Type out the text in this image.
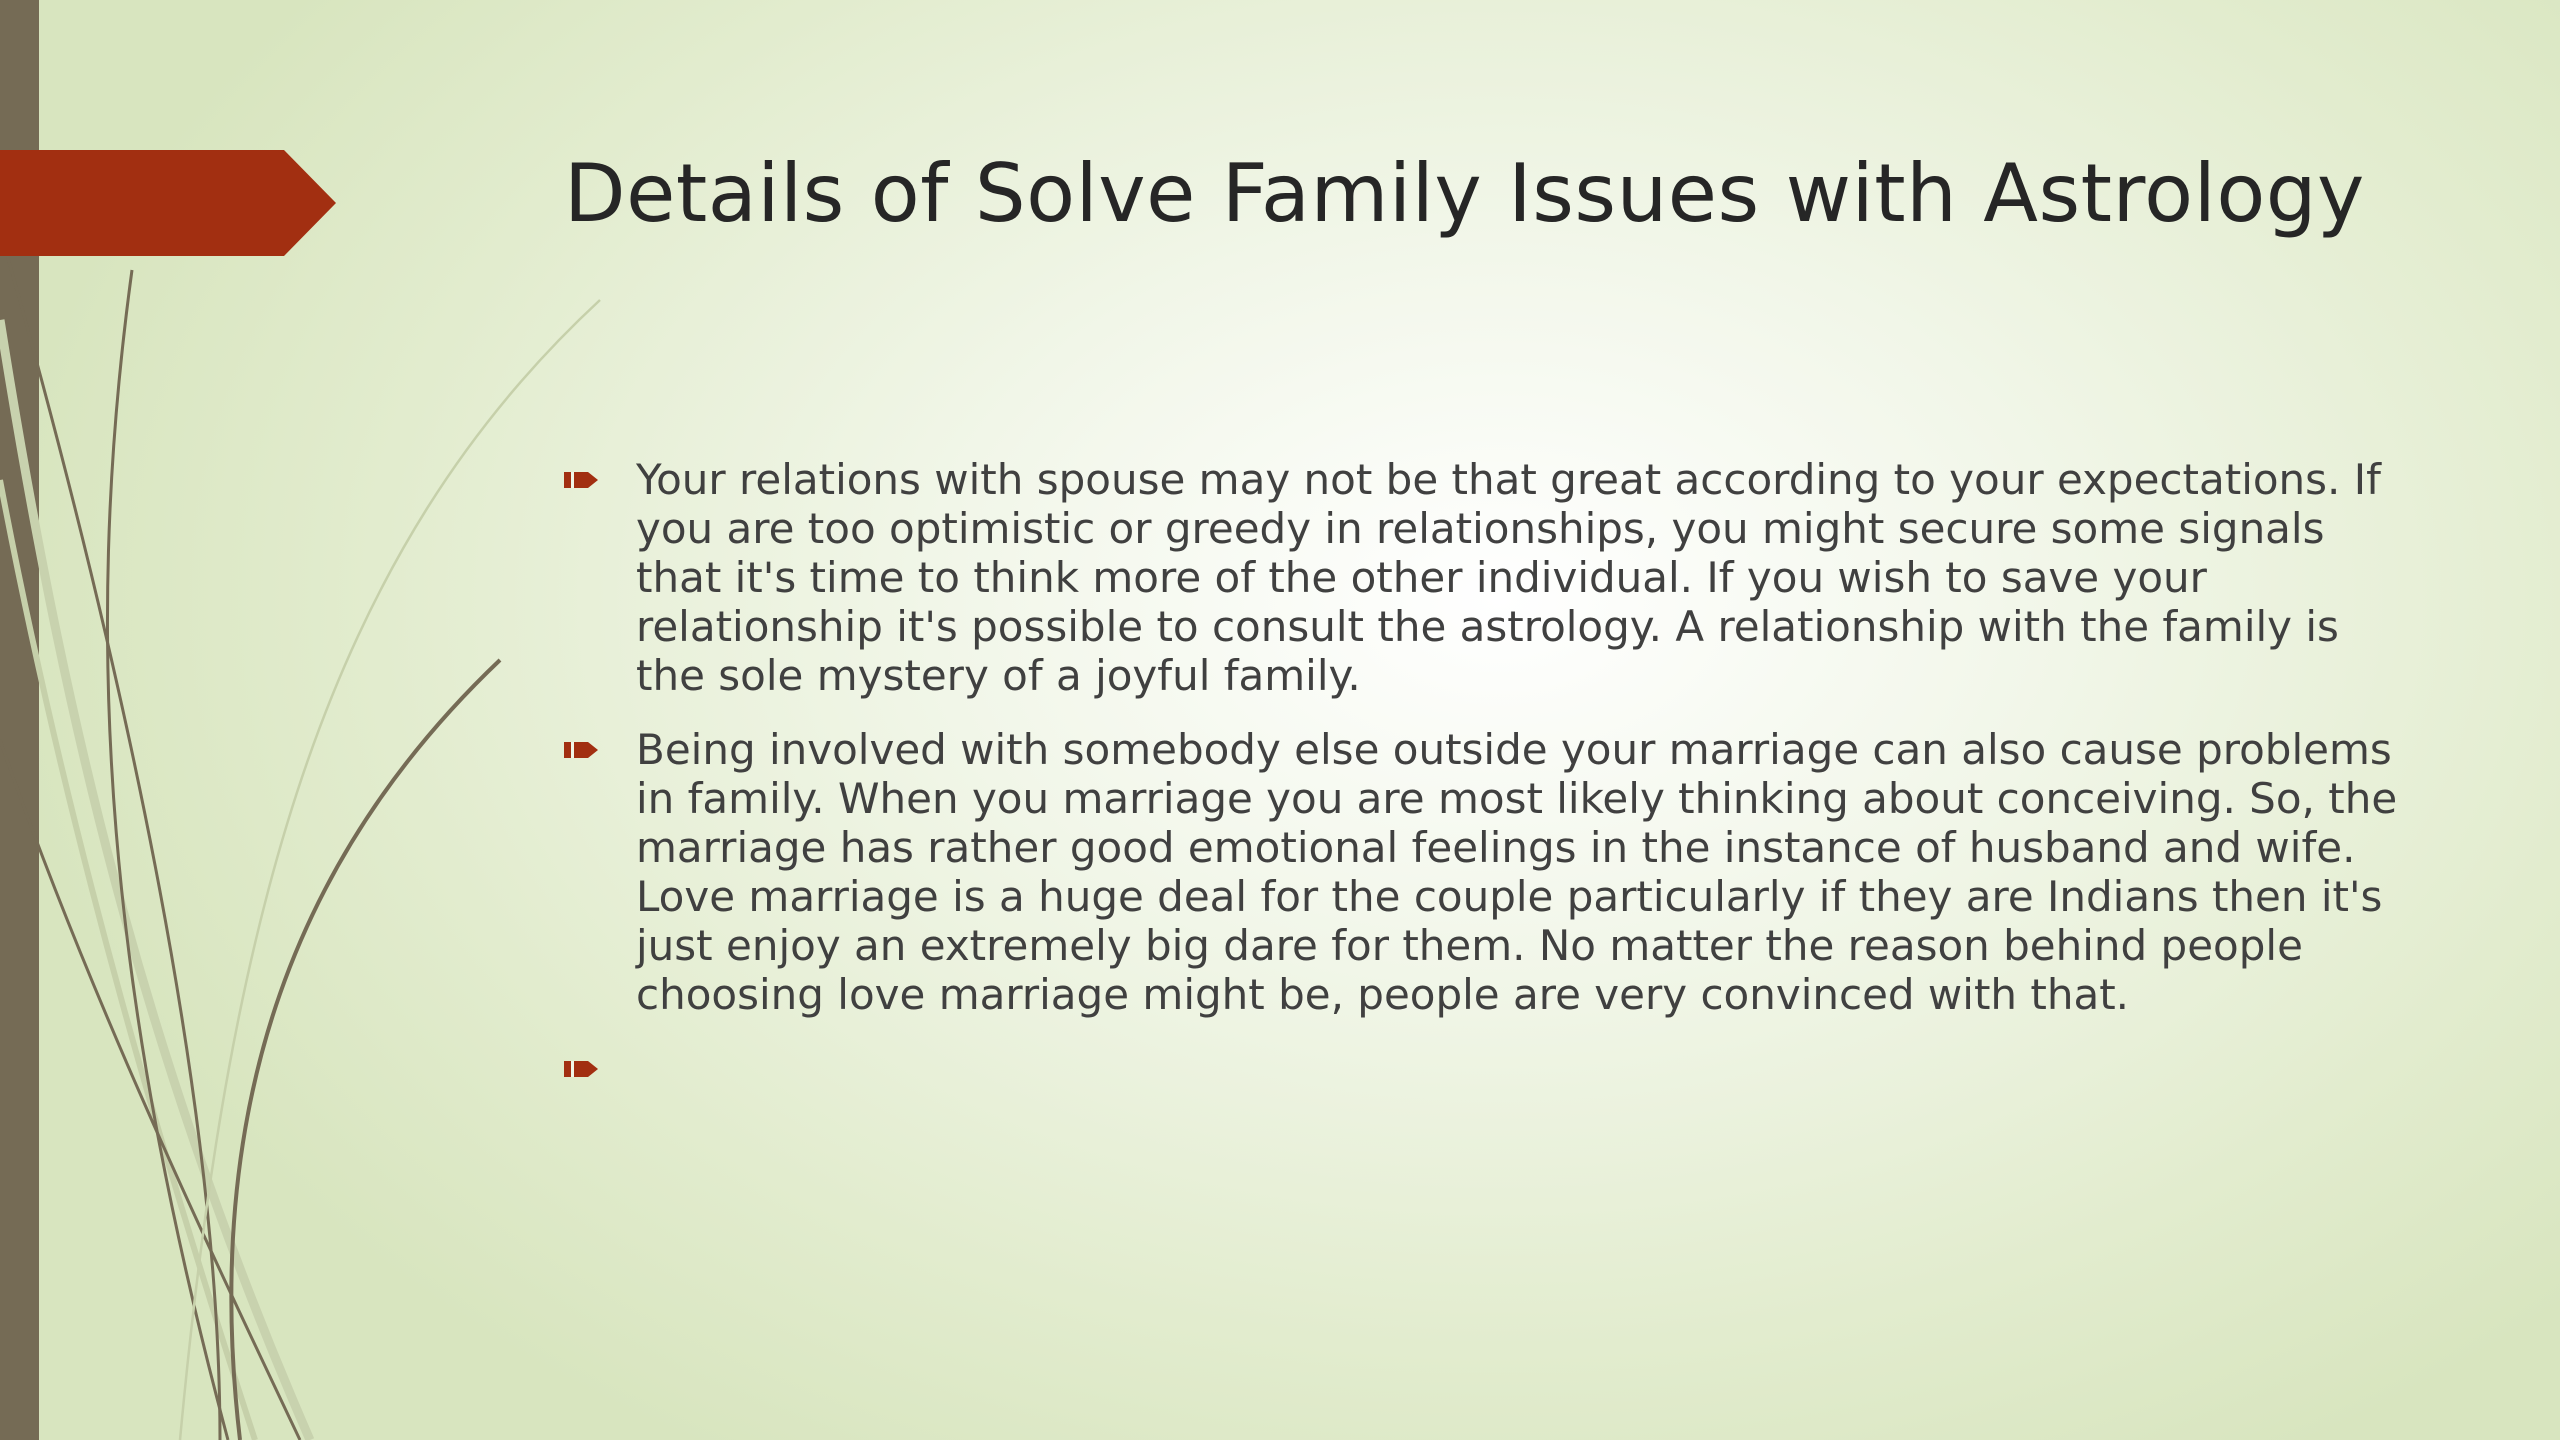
Details of Solve Family Issues with Astrology
Your relations with spouse may not be that great according to your expectations. If you are too optimistic or greedy in relationships, you might secure some signals that it's time to think more of the other individual. If you wish to save your relationship it's possible to consult the astrology. A relationship with the family is the sole mystery of a joyful family.
Being involved with somebody else outside your marriage can also cause problems in family. When you marriage you are most likely thinking about conceiving. So, the marriage has rather good emotional feelings in the instance of husband and wife. Love marriage is a huge deal for the couple particularly if they are Indians then it's just enjoy an extremely big dare for them. No matter the reason behind people choosing love marriage might be, people are very convinced with that.
